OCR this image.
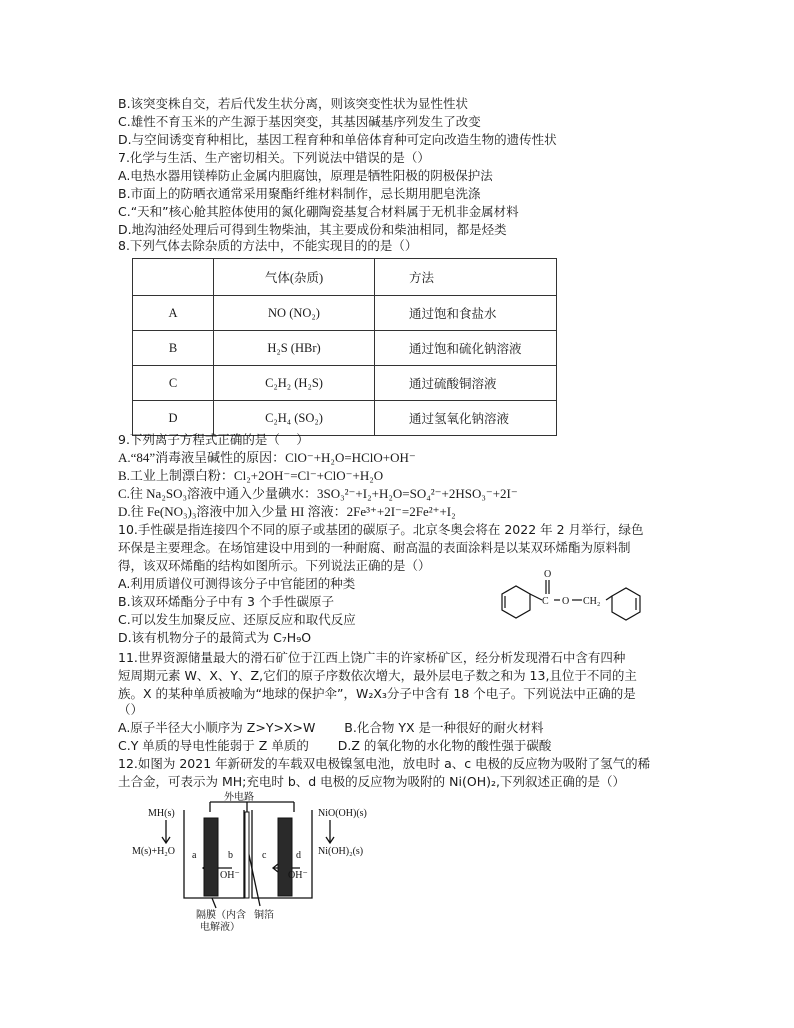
B.该突变株自交，若后代发生状分离，则该突变性状为显性性状
C.雄性不育玉米的产生源于基因突变，其基因碱基序列发生了改变
D.与空间诱变育种相比，基因工程育种和单倍体育种可定向改造生物的遗传性状
7.化学与生活、生产密切相关。下列说法中错误的是（）
A.电热水器用镁棒防止金属内胆腐蚀，原理是牺牲阳极的阴极保护法
B.市面上的防晒衣通常采用聚酯纤维材料制作，忌长期用肥皂洗涤
C.“天和”核心舱其腔体使用的氮化硼陶瓷基复合材料属于无机非金属材料
D.地沟油经处理后可得到生物柴油，其主要成份和柴油相同，都是烃类
8.下列气体去除杂质的方法中，不能实现目的的是（）
	气体(杂质)	方法
A	NO (NO₂)	通过饱和食盐水
B	H₂S (HBr)	通过饱和硫化钠溶液
C	C₂H₂ (H₂S)	通过硫酸铜溶液
D	C₂H₄ (SO₂)	通过氢氧化钠溶液
9.下列离子方程式正确的是（　 ）
A.“84”消毒液呈碱性的原因：ClO⁻+H₂O=HClO+OH⁻
B.工业上制漂白粉：Cl₂+2OH⁻=Cl⁻+ClO⁻+H₂O
C.往 Na₂SO₃溶液中通入少量碘水：3SO₃²⁻+I₂+H₂O=SO₄²⁻+2HSO₃⁻+2I⁻
D.往 Fe(NO₃)₃溶液中加入少量 HI 溶液：2Fe³⁺+2I⁻=2Fe²⁺+I₂
10.手性碳是指连接四个不同的原子或基团的碳原子。北京冬奥会将在 2022 年 2 月举行，绿色
环保是主要理念。在场馆建设中用到的一种耐腐、耐高温的表面涂料是以某双环烯酯为原料制
得，该双环烯酯的结构如图所示。下列说法正确的是（）
A.利用质谱仪可测得该分子中官能团的种类
B.该双环烯酯分子中有 3 个手性碳原子
C.可以发生加聚反应、还原反应和取代反应
D.该有机物分子的最简式为 C₇H₉O
C
O
O CH₂
11.世界资源储量最大的滑石矿位于江西上饶广丰的许家桥矿区，经分析发现滑石中含有四种
短周期元素 W、X、Y、Z,它们的原子序数依次增大，最外层电子数之和为 13,且位于不同的主
族。X 的某种单质被喻为“地球的保护伞”，W₂X₃分子中含有 18 个电子。下列说法中正确的是
（）
A.原子半径大小顺序为 Z>Y>X>W　　 B.化合物 YX 是一种很好的耐火材料
C.Y 单质的导电性能弱于 Z 单质的　　 D.Z 的氧化物的水化物的酸性强于碳酸
12.如图为 2021 年新研发的车载双电极镍氢电池，放电时 a、c 电极的反应物为吸附了氢气的稀
土合金，可表示为 MH;充电时 b、d 电极的反应物为吸附的 Ni(OH)₂,下列叙述正确的是（）
外电路
MH(s)
M(s)+H₂O
NiO(OH)(s)
Ni(OH)₂(s)
a	b	c	d
OH⁻	OH⁻
隔膜（内含
电解液）
铜箔
